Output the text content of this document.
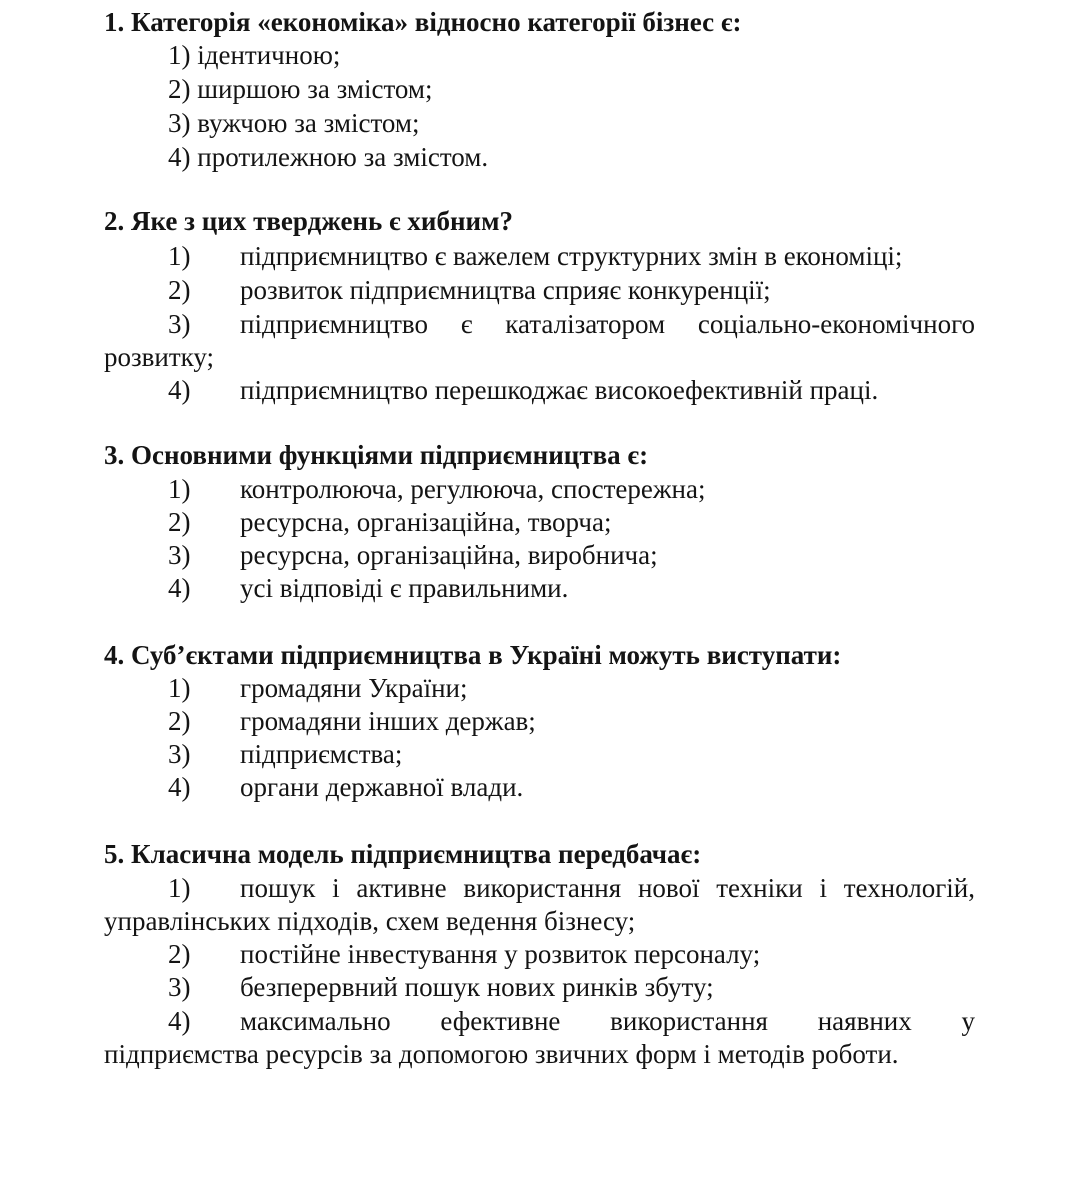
1. Категорія «економіка» відносно категорії бізнес є:
1) ідентичною;
2) ширшою за змістом;
3) вужчою за змістом;
4) протилежною за змістом.
2. Яке з цих тверджень є хибним?
1) підприємництво є важелем структурних змін в економіці;
2) розвиток підприємництва сприяє конкуренції;
3) підприємництво є каталізатором соціально-економічного
розвитку;
4) підприємництво перешкоджає високоефективній праці.
3. Основними функціями підприємництва є:
1) контролююча, регулююча, спостережна;
2) ресурсна, організаційна, творча;
3) ресурсна, організаційна, виробнича;
4) усі відповіді є правильними.
4. Суб’єктами підприємництва в Україні можуть виступати:
1) громадяни України;
2) громадяни інших держав;
3) підприємства;
4) органи державної влади.
5. Класична модель підприємництва передбачає:
1) пошук і активне використання нової техніки і технологій,
управлінських підходів, схем ведення бізнесу;
2) постійне інвестування у розвиток персоналу;
3) безперервний пошук нових ринків збуту;
4) максимально ефективне використання наявних у
підприємства ресурсів за допомогою звичних форм і методів роботи.
